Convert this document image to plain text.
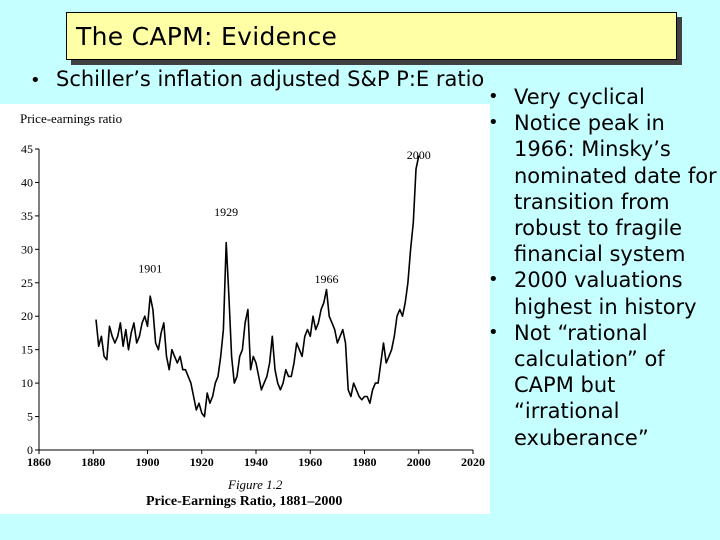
The CAPM: Evidence
• Schiller’s inflation adjusted S&P P:E ratio
Price-earnings ratio
0
5
10
15
20
25
30
35
40
45
1860	1880	1900	1920	1940	1960	1980	2000	2020
1901
1929
1966
2000
Figure 1.2
Price-Earnings Ratio, 1881–2000
• Very cyclical
• Notice peak in 1966: Minsky’s nominated date for transition from robust to fragile financial system
• 2000 valuations highest in history
• Not “rational calculation” of CAPM but “irrational exuberance”
